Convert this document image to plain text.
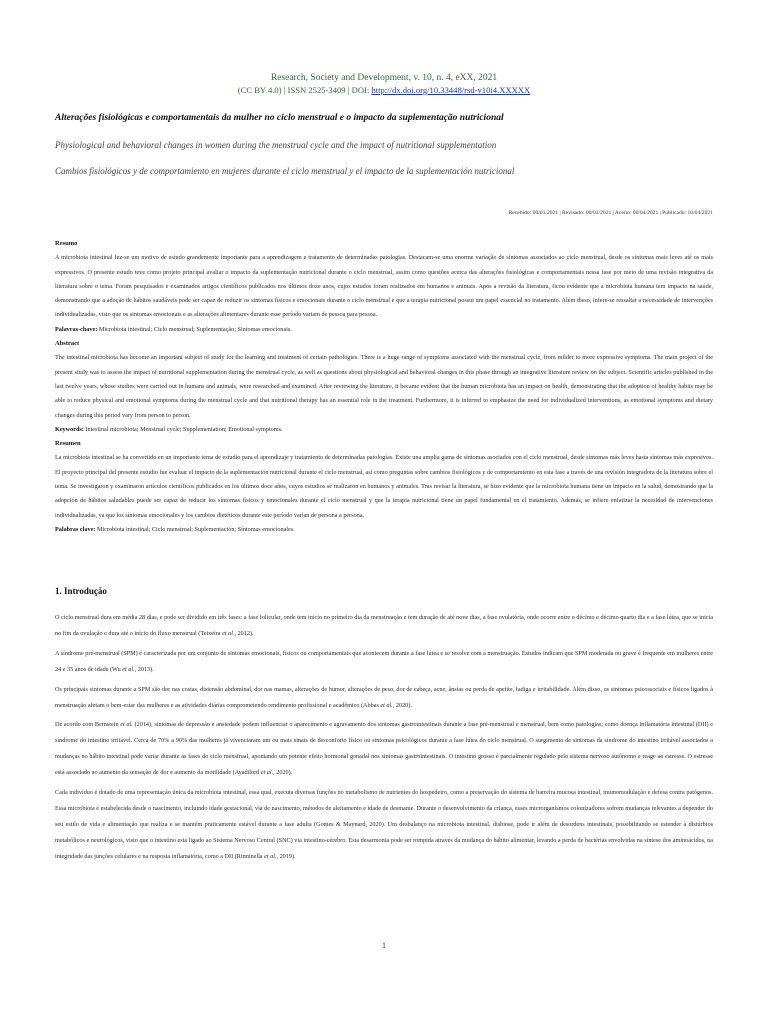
Research, Society and Development, v. 10, n. 4, eXX, 2021
(CC BY 4.0) | ISSN 2525-3409 | DOI: http://dx.doi.org/10.33448/rsd-v10i4.XXXXX
Alterações fisiológicas e comportamentais da mulher no ciclo menstrual e o impacto da suplementação nutricional
Physiological and behavioral changes in women during the menstrual cycle and the impact of nutritional supplementation
Cambios fisiológicos y de comportamiento en mujeres durante el ciclo menstrual y el impacto de la suplementación nutricional
Recebido: 00/01/2021 | Revisado: 00/03/2021 | Aceito: 00/04/2021 | Publicado: 10/04/2021

Resumo

A microbiota intestinal fez-se um motivo de estudo grandemente importante para a aprendizagem e tratamento de determinadas patologias. Destacam-se uma enorme variação de sintomas associados ao ciclo menstrual, desde os sintomas mais leves até os mais expressivos. O presente estudo teve como projeto principal avaliar o impacto da suplementação nutricional durante o ciclo menstrual, assim como questões acerca das alterações fisiológicas e comportamentais nessa fase por meio de uma revisão integrativa da literatura sobre o tema. Foram pesquisados e examinados artigos científicos publicados nos últimos doze anos, cujos estudos foram realizados em humanos e animais. Após a revisão da literatura, ficou evidente que a microbiota humana tem impacto na saúde, demonstrando que a adoção de hábitos saudáveis pode ser capaz de reduzir os sintomas físicos e emocionais durante o ciclo menstrual e que a terapia nutricional possui um papel essencial no tratamento. Além disso, infere-se ressaltar a necessidade de intervenções individualizadas, visto que os sintomas emocionais e as alterações alimentares durante esse período variam de pessoa para pessoa.

Palavras-chave: Microbiota intestinal; Ciclo menstrual; Suplementação; Sintomas emocionais.

Abstract

The intestinal microbiota has become an important subject of study for the learning and treatment of certain pathologies. There is a huge range of symptoms associated with the menstrual cycle, from milder to more expressive symptoms. The main project of the present study was to assess the impact of nutritional supplementation during the menstrual cycle, as well as questions about physiological and behavioral changes in this phase through an integrative literature review on the subject. Scientific articles published in the last twelve years, whose studies were carried out in humans and animals, were researched and examined. After reviewing the literature, it became evident that the human microbiota has an impact on health, demonstrating that the adoption of healthy habits may be able to reduce physical and emotional symptoms during the menstrual cycle and that nutritional therapy has an essential role in the treatment. Furthermore, it is inferred to emphasize the need for individualized interventions, as emotional symptoms and dietary changes during this period vary from person to person.

Keywords: Intestinal microbiota; Menstrual cycle; Supplementation; Emotional symptoms.

Resumen

La microbiota intestinal se ha convertido en un importante tema de estudio para el aprendizaje y tratamiento de determinadas patologías. Existe una amplia gama de síntomas asociados con el ciclo menstrual, desde síntomas más leves hasta síntomas más expresivos. El proyecto principal del presente estudio fue evaluar el impacto de la suplementación nutricional durante el ciclo menstrual, así como preguntas sobre cambios fisiológicos y de comportamiento en esta fase a través de una revisión integradora de la literatura sobre el tema. Se investigaron y examinaron artículos científicos publicados en los últimos doce años, cuyos estudios se realizaron en humanos y animales. Tras revisar la literatura, se hizo evidente que la microbiota humana tiene un impacto en la salud, demostrando que la adopción de hábitos saludables puede ser capaz de reducir los síntomas físicos y emocionales durante el ciclo menstrual y que la terapia nutricional tiene un papel fundamental en el tratamiento. Además, se infiere enfatizar la necesidad de intervenciones individualizadas, ya que los síntomas emocionales y los cambios dietéticos durante este período varían de persona a persona.

Palabras clave: Microbiota intestinal; Ciclo menstrual; Suplementación; Síntomas emocionales.

1. Introdução

O ciclo menstrual dura em média 28 dias, e pode ser dividido em três fases: a fase folicular, onde tem início no primeiro dia da menstruação e tem duração de até nove dias, a fase ovulatória, onde ocorre entre o décimo e décimo quarto dia e a fase lútea, que se inicia no fim da ovulação e dura até o início do fluxo menstrual (Teixeira et al., 2012).

A síndrome pré-menstrual (SPM) é caracterizada por um conjunto de sintomas emocionais, físicos ou comportamentais que acontecem durante a fase lútea e se resolve com a menstruação. Estudos indicam que SPM moderada ou grave é frequente em mulheres entre 24 e 35 anos de idade (Wu et al., 2013).

Os principais sintomas durante a SPM são dor nas costas, distensão abdominal, dor nas mamas, alterações de humor, alterações de peso, dor de cabeça, acne, ânsias ou perda de apetite, fadiga e irritabilidade. Além disso, os sintomas psicossociais e físicos ligados à menstruação afetam o bem-estar das mulheres e as atividades diárias comprometendo rendimento profissional e acadêmico (Abbas et al., 2020).

De acordo com Bernstein et al. (2014), sintomas de depressão e ansiedade podem influenciar o aparecimento e agravamento dos sintomas gastrointestinais durante a fase pré-menstrual e menstrual, bem como patologias; como doença inflamatória intestinal (DII) e síndrome do intestino irritável. Cerca de 70% a 90% das mulheres já vivenciaram um ou mais sinais de desconforto físico ou sintomas psicológicos durante a fase lútea do ciclo menstrual. O surgimento de sintomas da síndrome do intestino irritável associados a mudanças no hábito intestinal pode variar durante as fases do ciclo menstrual, apontando um potente efeito hormonal gonadal nos sintomas gastrointestinais. O intestino grosso é parcialmente regulado pelo sistema nervoso autônomo e reage ao estresse. O estresse está associado ao aumento da sensação de dor e aumento da motilidade (Ayadilord et al., 2020).

Cada indivíduo é dotado de uma representação única da microbiota intestinal, essa qual, executa diversas funções no metabolismo de nutrientes do hospedeiro, como a preservação do sistema de barreira mucosa intestinal, imunomodulação e defesa contra patógenos. Essa microbiota é estabelecida desde o nascimento, incluindo idade gestacional, via de nascimento, métodos de aleitamento e idade de desmame. Durante o desenvolvimento da criança, esses microrganismos colonizadores sofrem mudanças relevantes a depender do seu estilo de vida e alimentação que realiza e se mantém praticamente estável durante a fase adulta (Gomes & Maynard, 2020). Um desbalanço na microbiota intestinal, disbiose, pode ir além de desordens intestinais, possibilitando se estender à distúrbios metabólicos e neurológicos, visto que o intestino está ligado ao Sistema Nervoso Central (SNC) via intestino-cérebro. Esta desarmonia pode ser rompida através da mudança do hábito alimentar, levando a perda de bactérias envolvidas na síntese dos aminoácidos, na integridade das junções celulares e na resposta inflamatória, como a DII (Rinninella et al., 2019).

1
